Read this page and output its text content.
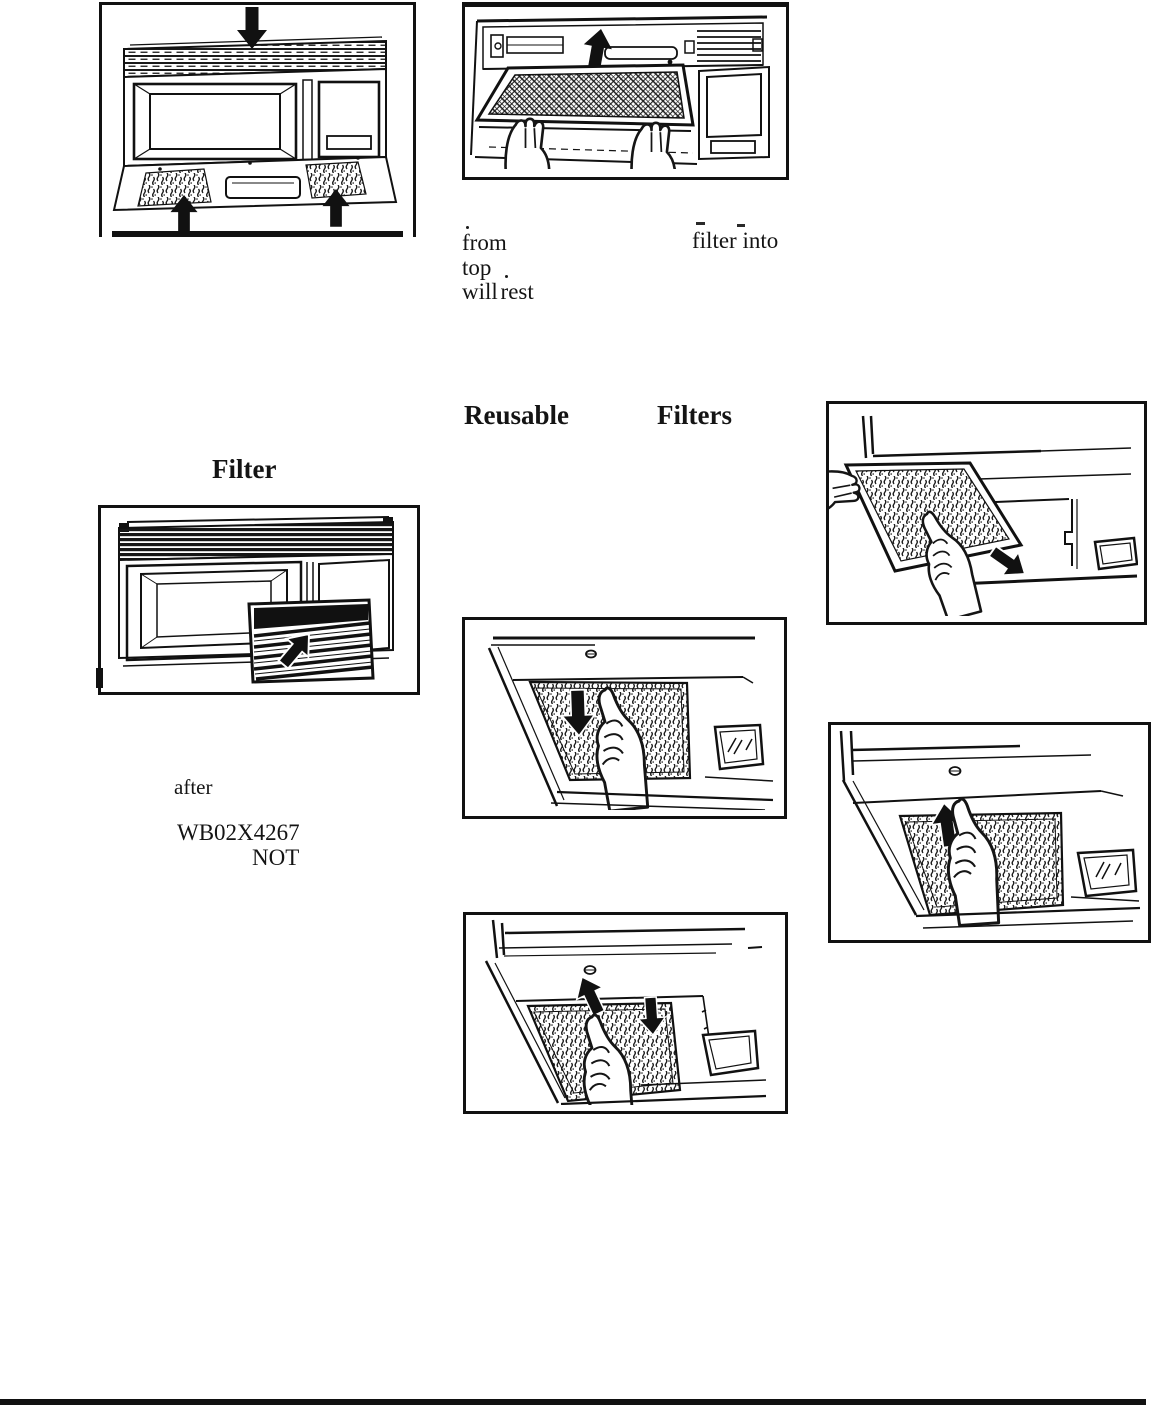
from	filter into
top
will rest
Reusable	Filters
Filter
after
WB02X4267
NOT
